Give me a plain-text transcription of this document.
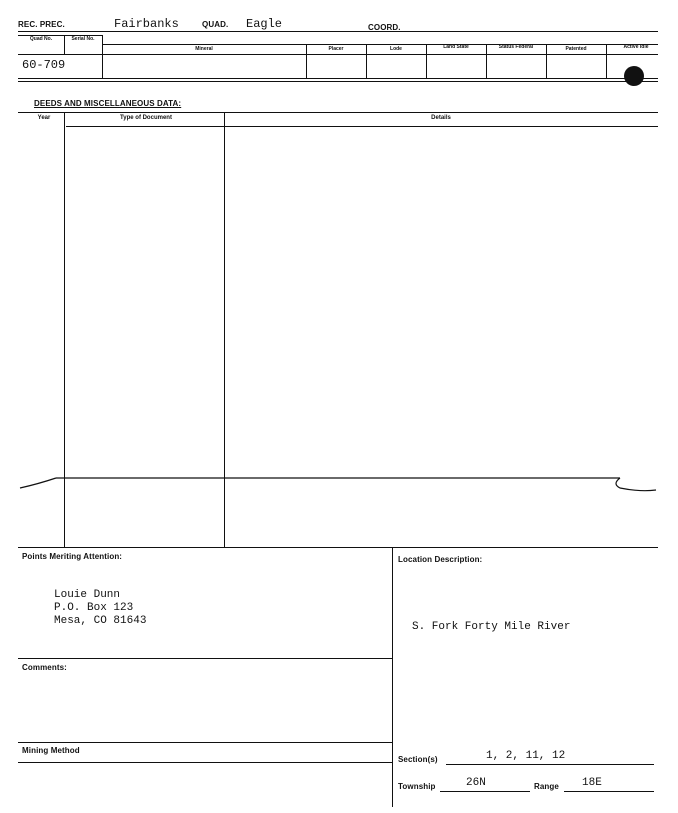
REC. PREC.	Fairbanks	QUAD. Eagle	COORD.
Quad No.	Serial No.
Mineral	Placer	Lode	Land State	Status Federal	Patented	Active Idle
60-709
DEEDS AND MISCELLANEOUS DATA:
Year	Type of Document	Details
Points Meriting Attention:
Louie Dunn
P.O. Box 123
Mesa, CO 81643
Location Description:
S. Fork Forty Mile River
Comments:
Mining Method
Section(s)	1, 2, 11, 12
Township	26N	Range 18E
